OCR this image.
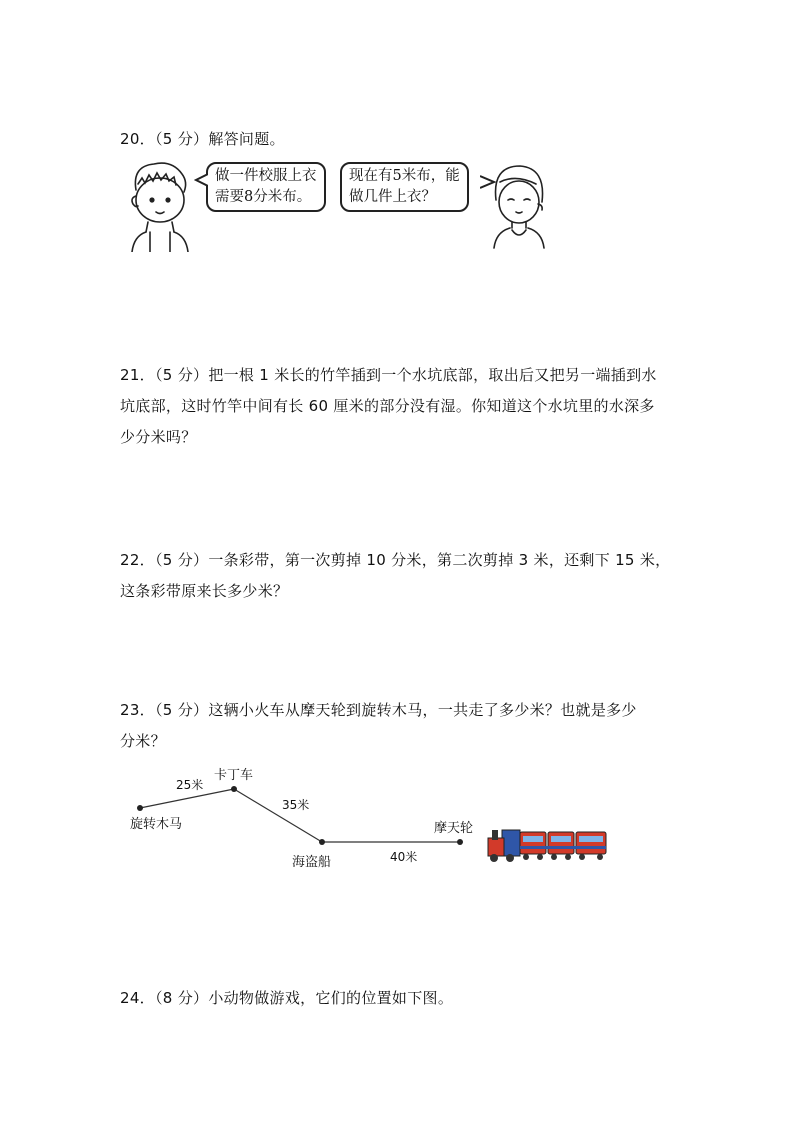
20．（5 分）解答问题。
做一件校服上衣
需要8分米布。
现在有5米布，能
做几件上衣？
21．（5 分）把一根 1 米长的竹竿插到一个水坑底部，取出后又把另一端插到水
坑底部，这时竹竿中间有长 60 厘米的部分没有湿。你知道这个水坑里的水深多
少分米吗？
22．（5 分）一条彩带，第一次剪掉 10 分米，第二次剪掉 3 米，还剩下 15 米，
这条彩带原来长多少米？
23．（5 分）这辆小火车从摩天轮到旋转木马，一共走了多少米？也就是多少
分米？
旋转木马
卡丁车
海盗船
摩天轮
25米
35米
40米
24．（8 分）小动物做游戏，它们的位置如下图。
